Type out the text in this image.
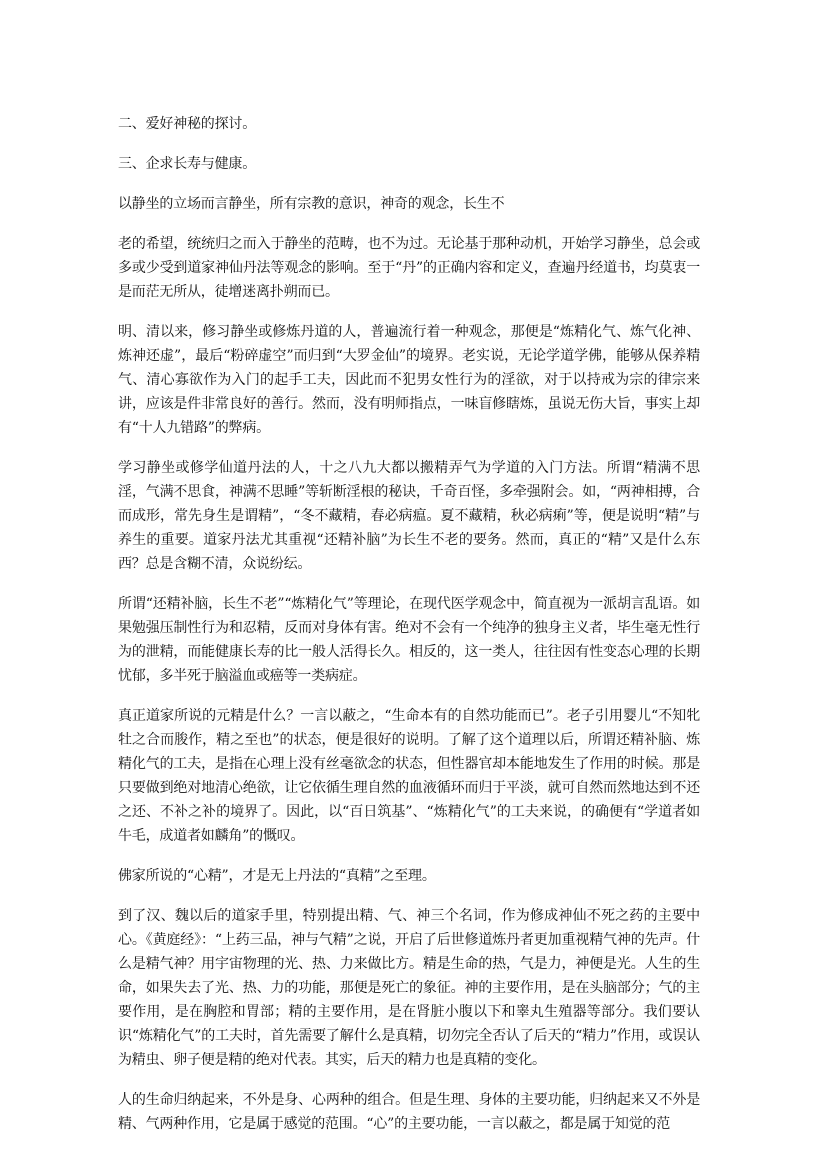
二、爱好神秘的探讨。

三、企求长寿与健康。

以静坐的立场而言静坐，所有宗教的意识，神奇的观念，长生不

老的希望，统统归之而入于静坐的范畴，也不为过。无论基于那种动机，开始学习静坐，总会或多或少受到道家神仙丹法等观念的影响。至于“丹”的正确内容和定义，查遍丹经道书，均莫衷一是而茫无所从，徒增迷离扑朔而已。

明、清以来，修习静坐或修炼丹道的人，普遍流行着一种观念，那便是“炼精化气、炼气化神、炼神还虚”，最后“粉碎虚空”而归到“大罗金仙”的境界。老实说，无论学道学佛，能够从保养精气、清心寡欲作为入门的起手工夫，因此而不犯男女性行为的淫欲，对于以持戒为宗的律宗来讲，应该是件非常良好的善行。然而，没有明师指点，一味盲修瞎炼，虽说无伤大旨，事实上却有“十人九错路”的弊病。

学习静坐或修学仙道丹法的人，十之八九大都以搬精弄气为学道的入门方法。所谓“精满不思淫，气满不思食，神满不思睡”等斩断淫根的秘诀，千奇百怪，多牵强附会。如，“两神相搏，合而成形，常先身生是谓精”，“冬不藏精，春必病瘟。夏不藏精，秋必病痢”等，便是说明“精”与养生的重要。道家丹法尤其重视“还精补脑”为长生不老的要务。然而，真正的“精”又是什么东西？总是含糊不清，众说纷纭。

所谓“还精补脑，长生不老”“炼精化气”等理论，在现代医学观念中，简直视为一派胡言乱语。如果勉强压制性行为和忍精，反而对身体有害。绝对不会有一个纯净的独身主义者，毕生毫无性行为的泄精，而能健康长寿的比一般人活得长久。相反的，这一类人，往往因有性变态心理的长期忧郁，多半死于脑溢血或癌等一类病症。

真正道家所说的元精是什么？一言以蔽之，“生命本有的自然功能而已”。老子引用婴儿“不知牝牡之合而朘作，精之至也”的状态，便是很好的说明。了解了这个道理以后，所谓还精补脑、炼精化气的工夫，是指在心理上没有丝毫欲念的状态，但性器官却本能地发生了作用的时候。那是只要做到绝对地清心绝欲，让它依循生理自然的血液循环而归于平淡，就可自然而然地达到不还之还、不补之补的境界了。因此，以“百日筑基”、“炼精化气”的工夫来说，的确便有“学道者如牛毛，成道者如麟角”的慨叹。

佛家所说的“心精”，才是无上丹法的“真精”之至理。

到了汉、魏以后的道家手里，特别提出精、气、神三个名词，作为修成神仙不死之药的主要中心。《黄庭经》：“上药三品，神与气精”之说，开启了后世修道炼丹者更加重视精气神的先声。什么是精气神？用宇宙物理的光、热、力来做比方。精是生命的热，气是力，神便是光。人生的生命，如果失去了光、热、力的功能，那便是死亡的象征。神的主要作用，是在头脑部分；气的主要作用，是在胸腔和胃部；精的主要作用，是在肾脏小腹以下和睾丸生殖器等部分。我们要认识“炼精化气”的工夫时，首先需要了解什么是真精，切勿完全否认了后天的“精力”作用，或误认为精虫、卵子便是精的绝对代表。其实，后天的精力也是真精的变化。

人的生命归纳起来，不外是身、心两种的组合。但是生理、身体的主要功能，归纳起来又不外是精、气两种作用，它是属于感觉的范围。“心”的主要功能，一言以蔽之，都是属于知觉的范
